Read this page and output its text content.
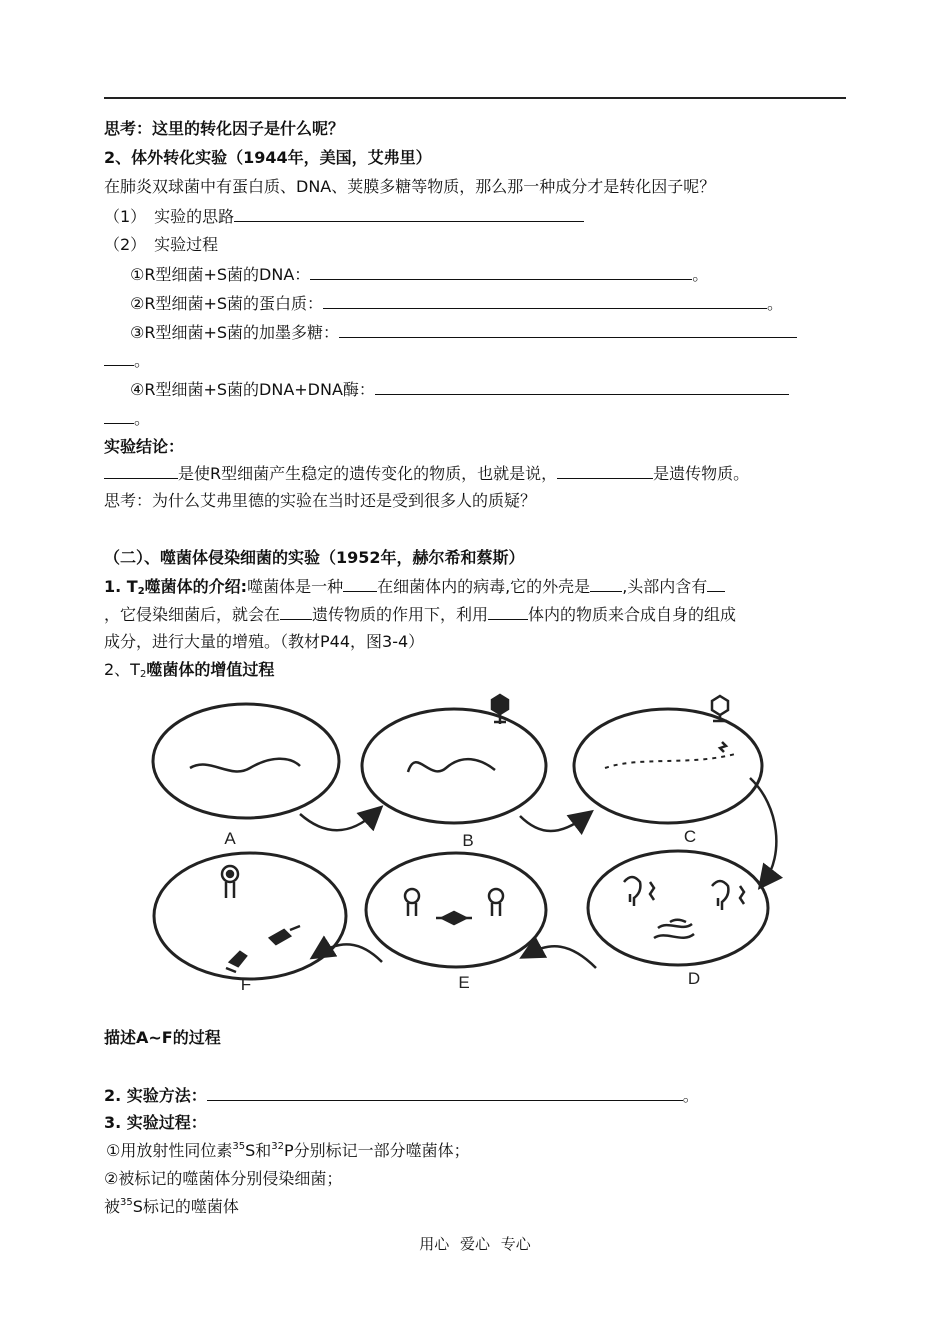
思考：这里的转化因子是什么呢？
2、体外转化实验（1944年，美国，艾弗里）
在肺炎双球菌中有蛋白质、DNA、荚膜多糖等物质，那么那一种成分才是转化因子呢？
（1）　实验的思路
（2）　实验过程
①R型细菌+S菌的DNA：	。
②R型细菌+S菌的蛋白质：	。
③R型细菌+S菌的加墨多糖：
。
④R型细菌+S菌的DNA+DNA酶：
。
实验结论：
是使R型细菌产生稳定的遗传变化的物质，也就是说，	是遗传物质。
思考：为什么艾弗里德的实验在当时还是受到很多人的质疑？
（二）、噬菌体侵染细菌的实验（1952年，赫尔希和蔡斯）
1. $T_2$噬菌体的介绍:噬菌体是一种 在细菌体内的病毒,它的外壳是 ,头部内含有
，它侵染细菌后，就会在 遗传物质的作用下，利用	体内的物质来合成自身的组成
成分，进行大量的增殖。（教材P44，图3-4）
2、$T_2$噬菌体的增值过程
A	B	C
D
E
F
描述A~F的过程
2. 实验方法：	。
3. 实验过程：
①用放射性同位素$^{35}$S和$^{32}$P分别标记一部分噬菌体；
②被标记的噬菌体分别侵染细菌；
被$^{35}$S标记的噬菌体
用心 爱心 专心
